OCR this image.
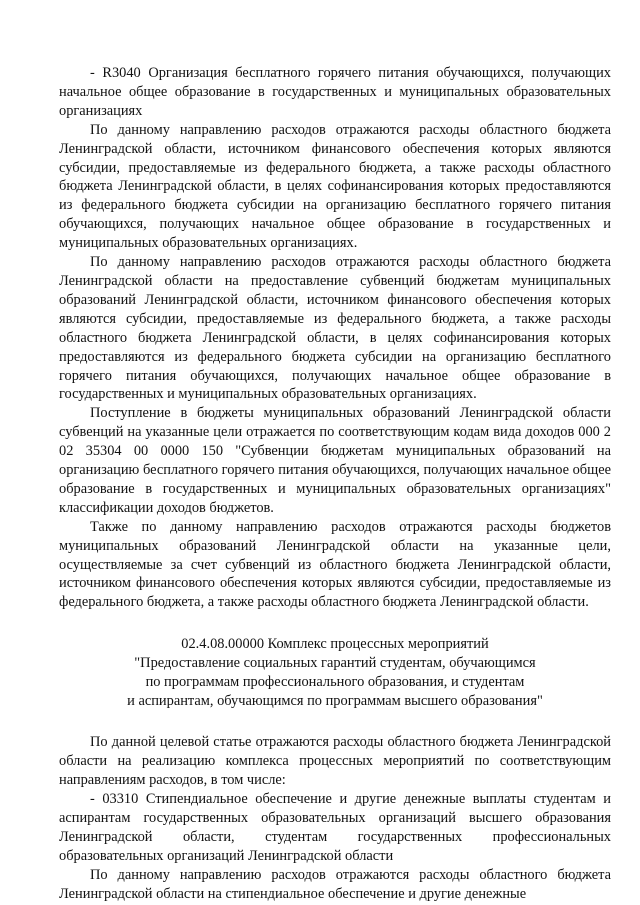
- R3040 Организация бесплатного горячего питания обучающихся, получающих начальное общее образование в государственных и муниципальных образовательных организациях

По данному направлению расходов отражаются расходы областного бюджета Ленинградской области, источником финансового обеспечения которых являются субсидии, предоставляемые из федерального бюджета, а также расходы областного бюджета Ленинградской области, в целях софинансирования которых предоставляются из федерального бюджета субсидии на организацию бесплатного горячего питания обучающихся, получающих начальное общее образование в государственных и муниципальных образовательных организациях.

По данному направлению расходов отражаются расходы областного бюджета Ленинградской области на предоставление субвенций бюджетам муниципальных образований Ленинградской области, источником финансового обеспечения которых являются субсидии, предоставляемые из федерального бюджета, а также расходы областного бюджета Ленинградской области, в целях софинансирования которых предоставляются из федерального бюджета субсидии на организацию бесплатного горячего питания обучающихся, получающих начальное общее образование в государственных и муниципальных образовательных организациях.

Поступление в бюджеты муниципальных образований Ленинградской области субвенций на указанные цели отражается по соответствующим кодам вида доходов 000 2 02 35304 00 0000 150 "Субвенции бюджетам муниципальных образований на организацию бесплатного горячего питания обучающихся, получающих начальное общее образование в государственных и муниципальных образовательных организациях" классификации доходов бюджетов.

Также по данному направлению расходов отражаются расходы бюджетов муниципальных образований Ленинградской области на указанные цели, осуществляемые за счет субвенций из областного бюджета Ленинградской области, источником финансового обеспечения которых являются субсидии, предоставляемые из федерального бюджета, а также расходы областного бюджета Ленинградской области.

02.4.08.00000 Комплекс процессных мероприятий
"Предоставление социальных гарантий студентам, обучающимся
по программам профессионального образования, и студентам
и аспирантам, обучающимся по программам высшего образования"

По данной целевой статье отражаются расходы областного бюджета Ленинградской области на реализацию комплекса процессных мероприятий по соответствующим направлениям расходов, в том числе:

- 03310 Стипендиальное обеспечение и другие денежные выплаты студентам и аспирантам государственных образовательных организаций высшего образования Ленинградской области, студентам государственных профессиональных образовательных организаций Ленинградской области

По данному направлению расходов отражаются расходы областного бюджета Ленинградской области на стипендиальное обеспечение и другие денежные
